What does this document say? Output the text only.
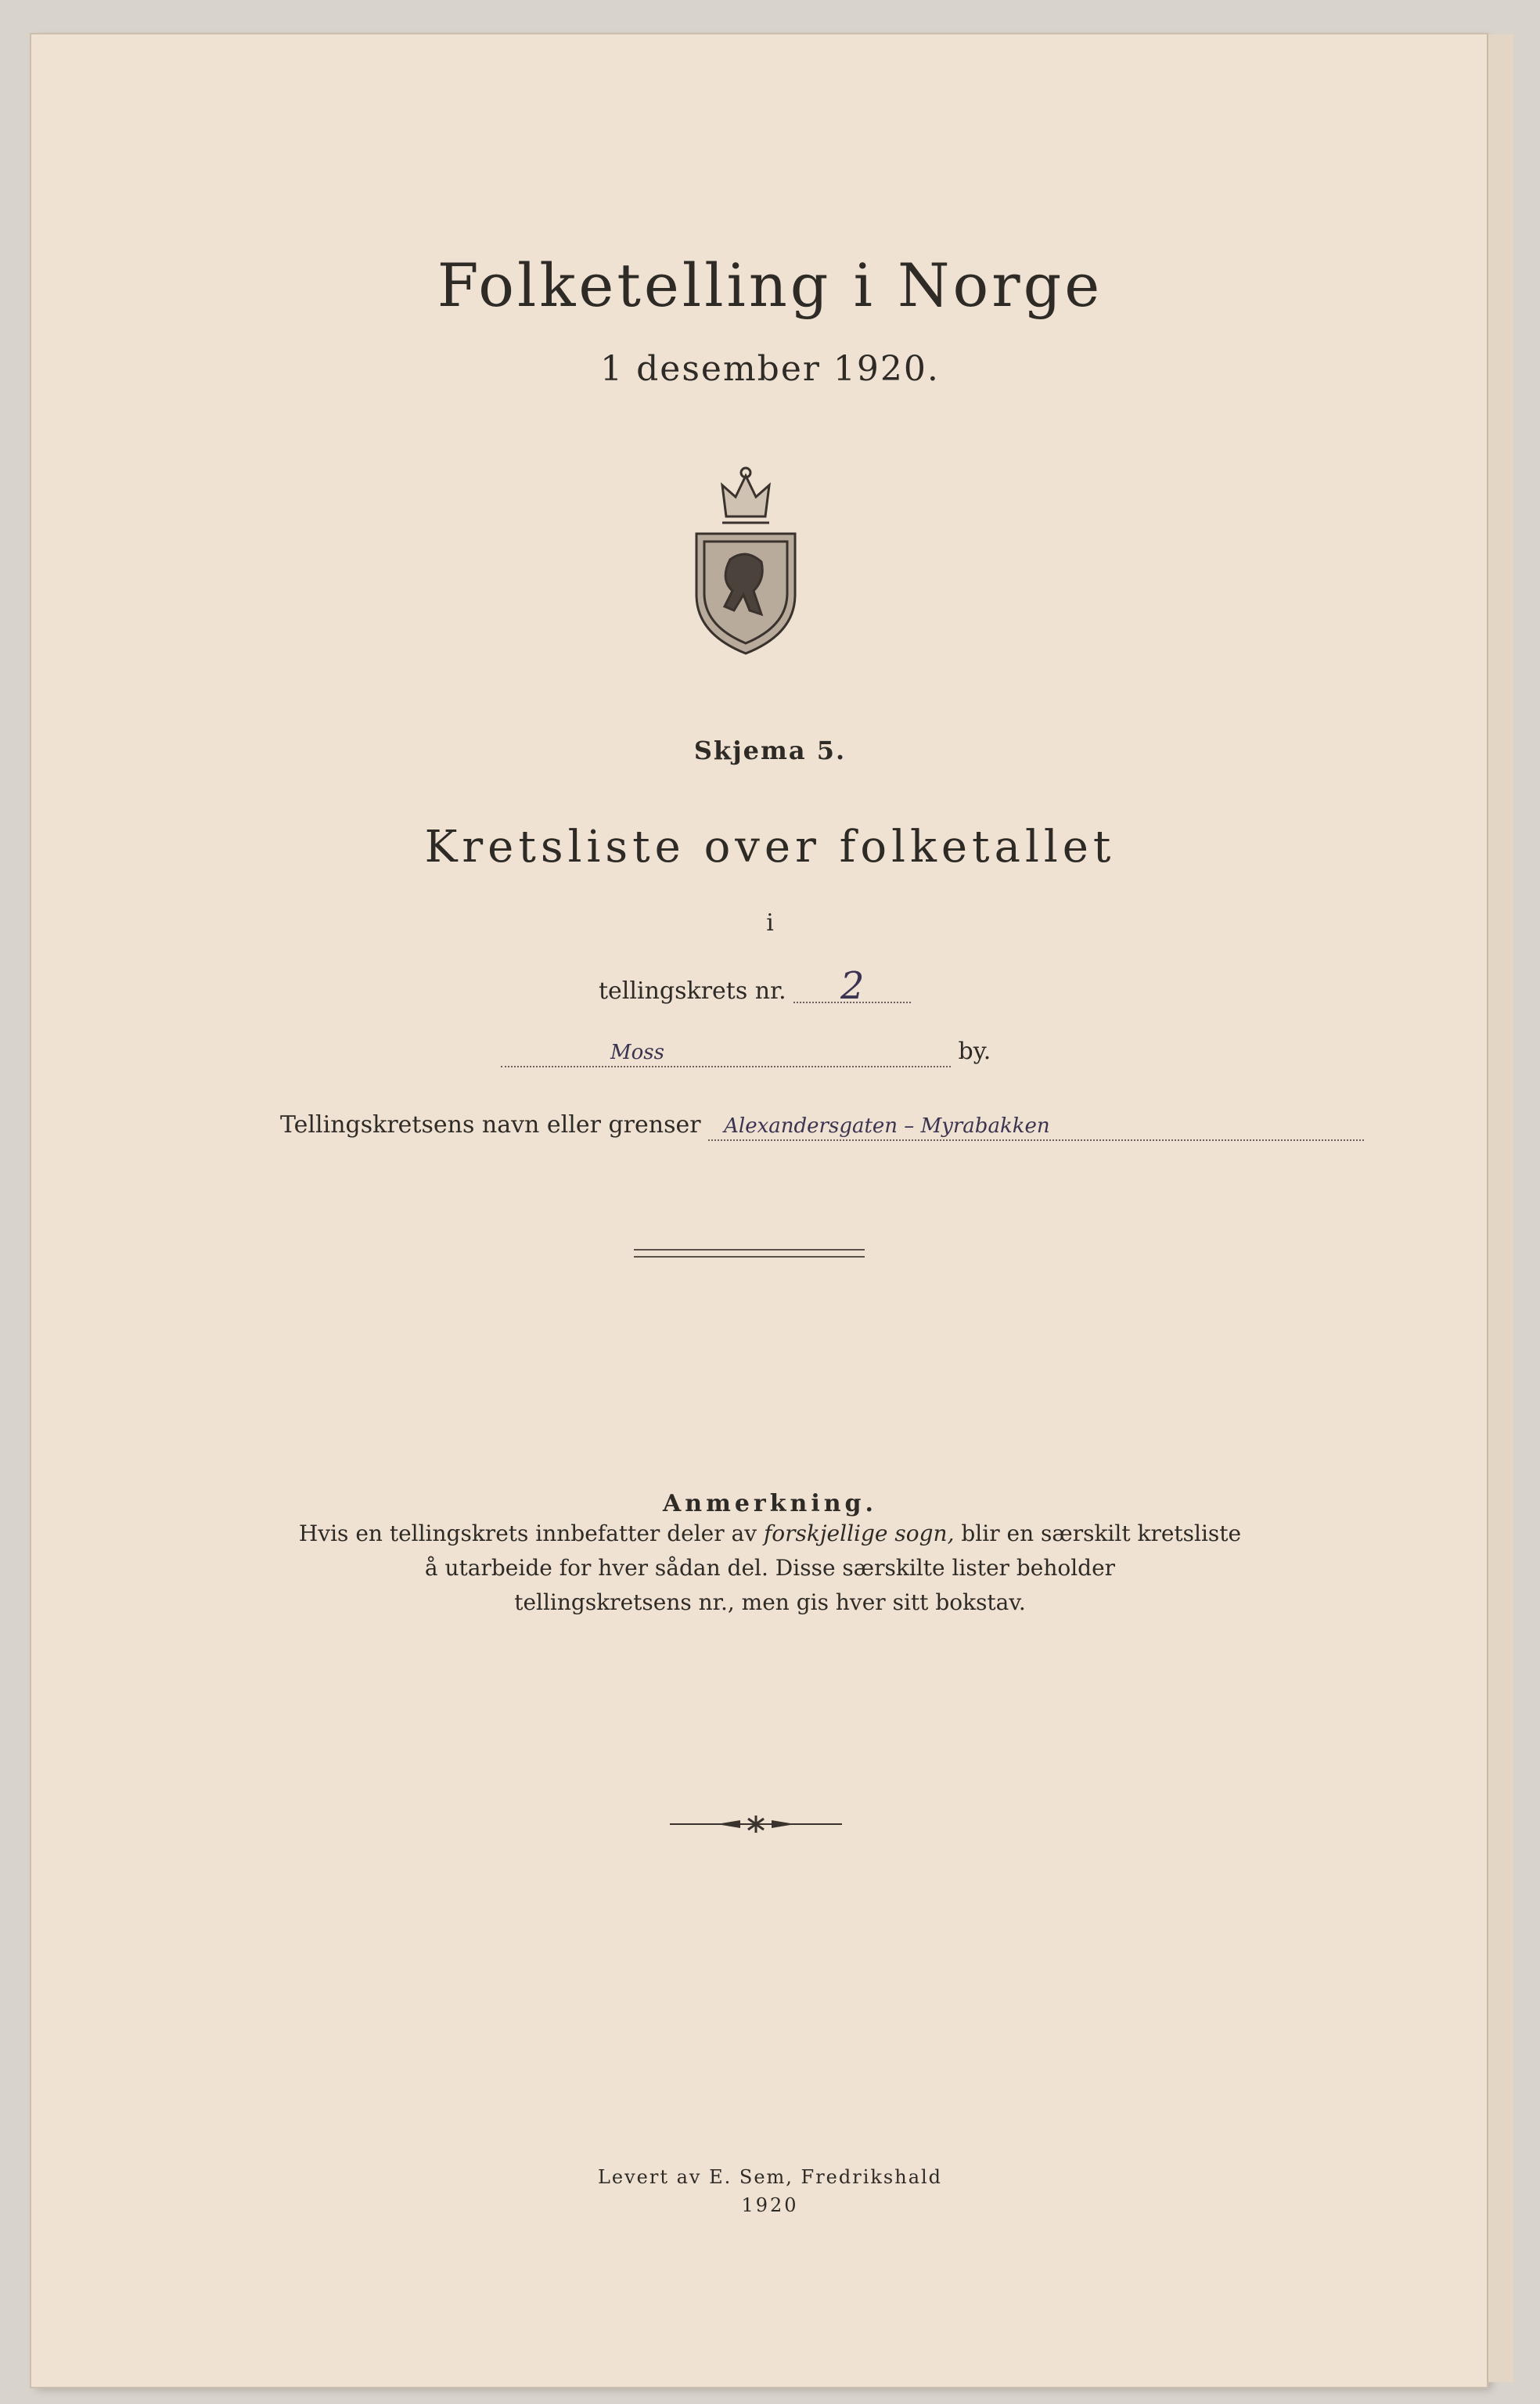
Folketelling i Norge
1 desember 1920.
Skjema 5.
Kretsliste over folketallet
i
tellingskrets nr. 2
Moss	by.
Tellingskretsens navn eller grenser Alexandersgaten – Myrabakken
Anmerkning.
Hvis en tellingskrets innbefatter deler av forskjellige sogn, blir en særskilt kretsliste
å utarbeide for hver sådan del. Disse særskilte lister beholder
tellingskretsens nr., men gis hver sitt bokstav.
Levert av E. Sem, Fredrikshald
1920
